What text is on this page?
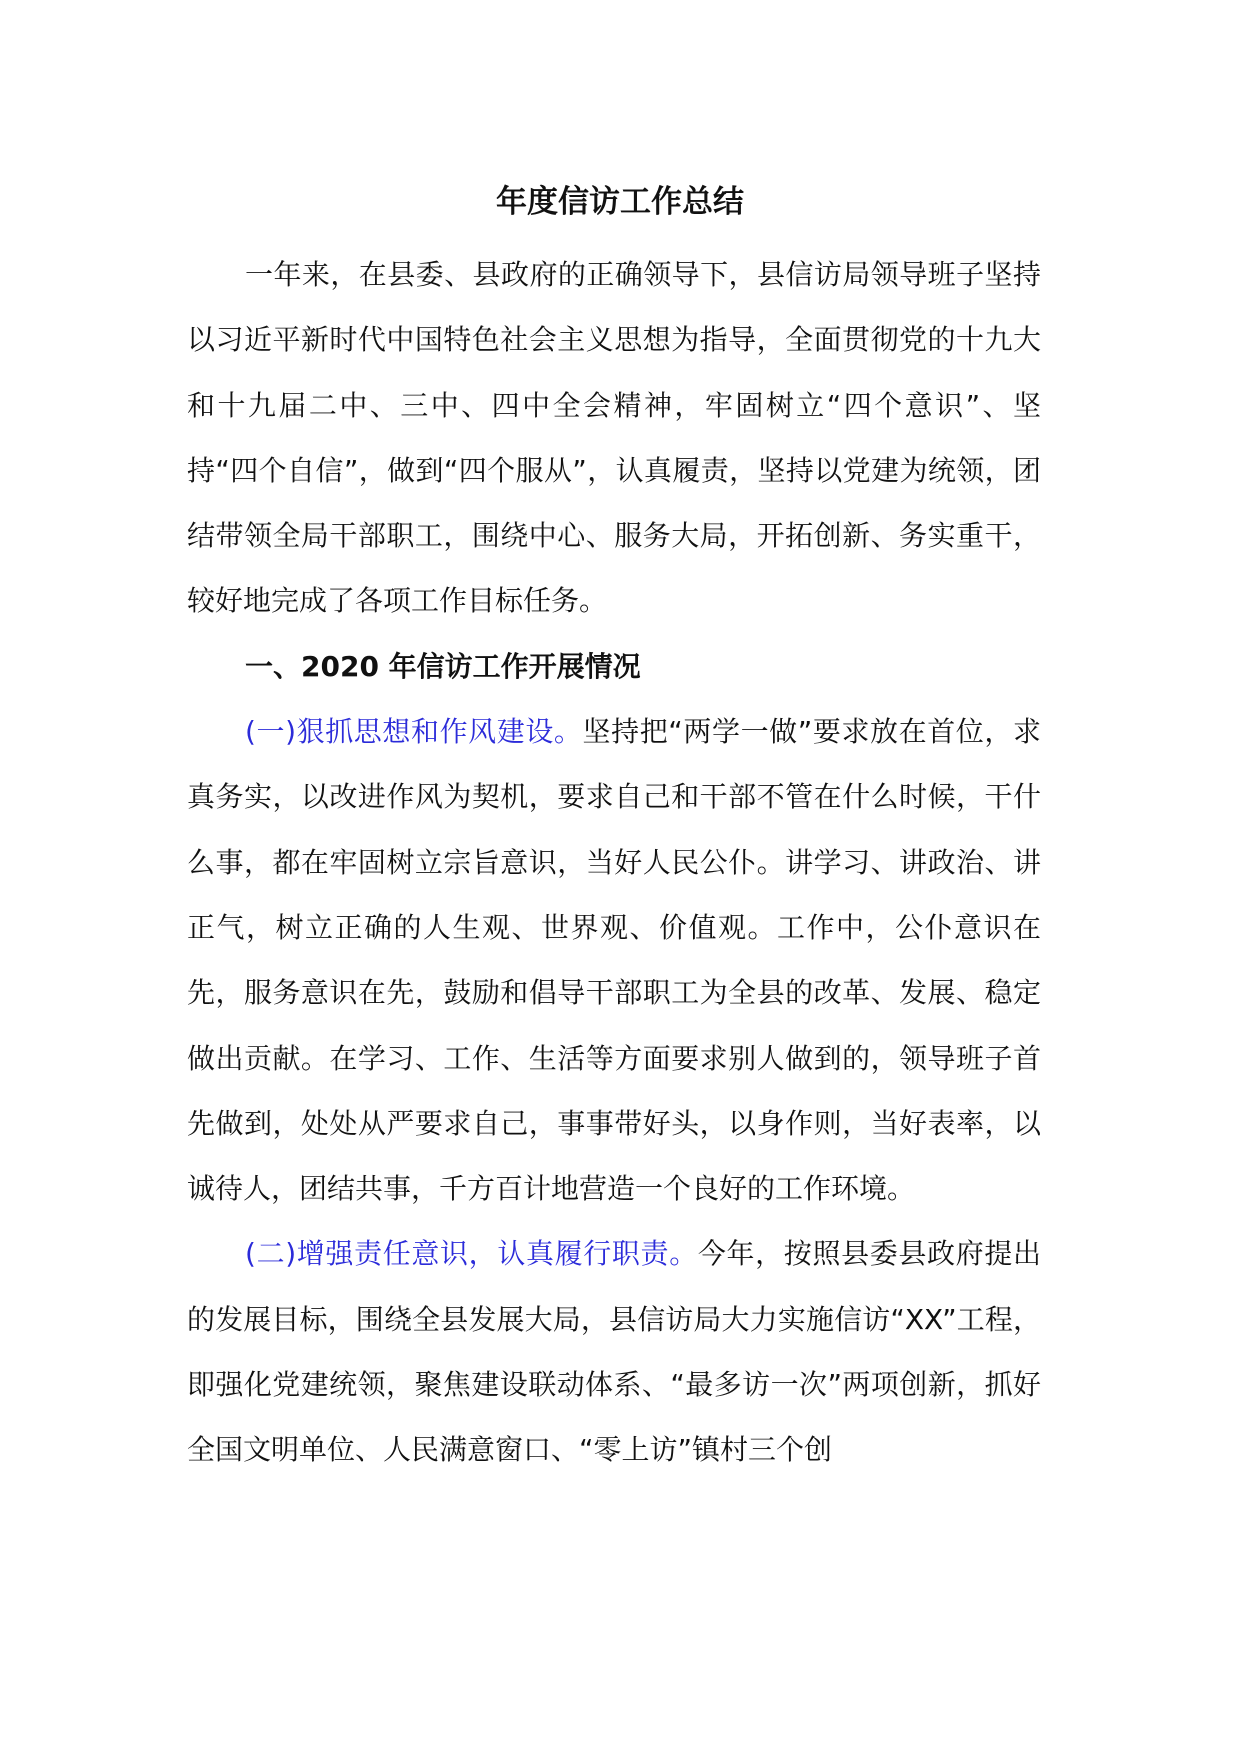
年度信访工作总结

一年来，在县委、县政府的正确领导下，县信访局领导班子坚持以习近平新时代中国特色社会主义思想为指导，全面贯彻党的十九大和十九届二中、三中、四中全会精神，牢固树立“四个意识”、坚持“四个自信”，做到“四个服从”，认真履责，坚持以党建为统领，团结带领全局干部职工，围绕中心、服务大局，开拓创新、务实重干，较好地完成了各项工作目标任务。

一、2020 年信访工作开展情况

(一)狠抓思想和作风建设。坚持把“两学一做”要求放在首位，求真务实，以改进作风为契机，要求自己和干部不管在什么时候，干什么事，都在牢固树立宗旨意识，当好人民公仆。讲学习、讲政治、讲正气，树立正确的人生观、世界观、价值观。工作中，公仆意识在先，服务意识在先，鼓励和倡导干部职工为全县的改革、发展、稳定做出贡献。在学习、工作、生活等方面要求别人做到的，领导班子首先做到，处处从严要求自己，事事带好头，以身作则，当好表率，以诚待人，团结共事，千方百计地营造一个良好的工作环境。

(二)增强责任意识，认真履行职责。今年，按照县委县政府提出的发展目标，围绕全县发展大局，县信访局大力实施信访“XX”工程，即强化党建统领，聚焦建设联动体系、“最多访一次”两项创新，抓好全国文明单位、人民满意窗口、“零上访”镇村三个创
